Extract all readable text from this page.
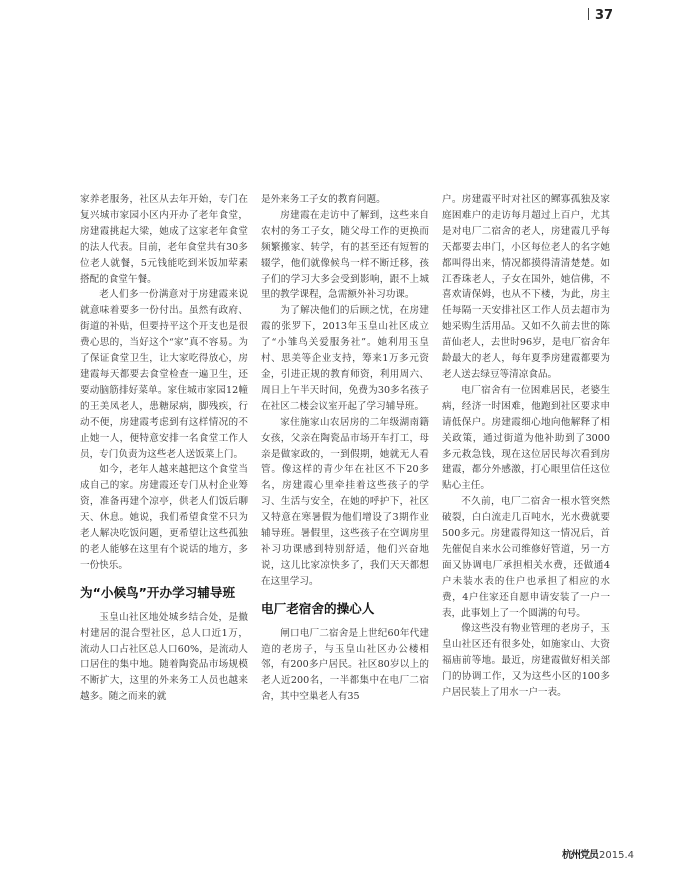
37

家养老服务，社区从去年开始，专门在复兴城市家园小区内开办了老年食堂，房建霞挑起大梁，她成了这家老年食堂的法人代表。目前，老年食堂共有30多位老人就餐，5元钱能吃到米饭加荤素搭配的食堂午餐。

老人们多一份满意对于房建霞来说就意味着要多一份付出。虽然有政府、街道的补贴，但要持平这个开支也是很费心思的，当好这个“家”真不容易。为了保证食堂卫生，让大家吃得放心，房建霞每天都要去食堂检查一遍卫生，还要动脑筋排好菜单。家住城市家园12幢的王美凤老人，患糖尿病，脚残疾，行动不便，房建霞考虑到有这样情况的不止她一人，便特意安排一名食堂工作人员，专门负责为这些老人送饭菜上门。

如今，老年人越来越把这个食堂当成自己的家。房建霞还专门从村企业筹资，准备再建个凉亭，供老人们饭后聊天、休息。她说，我们希望食堂不只为老人解决吃饭问题，更希望让这些孤独的老人能够在这里有个说话的地方，多一份快乐。

为“小候鸟”开办学习辅导班

玉皇山社区地处城乡结合处，是撤村建居的混合型社区，总人口近1万，流动人口占社区总人口60%，是流动人口居住的集中地。随着陶瓷品市场规模不断扩大，这里的外来务工人员也越来越多。随之而来的就

是外来务工子女的教育问题。

房建霞在走访中了解到，这些来自农村的务工子女，随父母工作的更换而频繁搬家、转学，有的甚至还有短暂的辍学，他们就像候鸟一样不断迁移，孩子们的学习大多会受到影响，跟不上城里的教学课程，急需额外补习功课。

为了解决他们的后顾之忧，在房建霞的张罗下，2013年玉皇山社区成立了“小雏鸟关爱服务社”。她利用玉皇村、思美等企业支持，筹来1万多元资金，引进正规的教育师资，利用周六、周日上午半天时间，免费为30多名孩子在社区二楼会议室开起了学习辅导班。

家住施家山农居房的二年级湖南籍女孩，父亲在陶瓷品市场开车打工，母亲是做家政的，一到假期，她就无人看管。像这样的青少年在社区不下20多名，房建霞心里牵挂着这些孩子的学习、生活与安全，在她的呼护下，社区又特意在寒暑假为他们增设了3期作业辅导班。暑假里，这些孩子在空调房里补习功课感到特别舒适，他们兴奋地说，这儿比家凉快多了，我们天天都想在这里学习。

电厂老宿舍的操心人

闸口电厂二宿舍是上世纪60年代建造的老房子，与玉皇山社区办公楼相邻，有200多户居民。社区80岁以上的老人近200名，一半都集中在电厂二宿舍，其中空巢老人有35

户。房建霞平时对社区的鳏寡孤独及家庭困难户的走访每月超过上百户，尤其是对电厂二宿舍的老人，房建霞几乎每天都要去串门，小区每位老人的名字她都叫得出来，情况都摸得清清楚楚。如江香珠老人，子女在国外，她信佛，不喜欢请保姆，也从不下楼，为此，房主任每隔一天安排社区工作人员去超市为她采购生活用品。又如不久前去世的陈苗仙老人，去世时96岁，是电厂宿舍年龄最大的老人，每年夏季房建霞都要为老人送去绿豆等清凉食品。

电厂宿舍有一位困难居民，老婆生病，经济一时困难，他跑到社区要求申请低保户。房建霞细心地向他解释了相关政策，通过街道为他补助到了3000多元救急钱，现在这位居民每次看到房建霞，都分外感激，打心眼里信任这位贴心主任。

不久前，电厂二宿舍一根水管突然破裂，白白流走几百吨水，光水费就要500多元。房建霞得知这一情况后，首先催促自来水公司维修好管道，另一方面又协调电厂承担相关水费，还做通4户未装水表的住户也承担了相应的水费，4户住家还自愿申请安装了一户一表，此事划上了一个圆满的句号。

像这些没有物业管理的老房子，玉皇山社区还有很多处，如施家山、大资福庙前等地。最近，房建霞做好相关部门的协调工作，又为这些小区的100多户居民装上了用水一户一表。

杭州党员2015.4
